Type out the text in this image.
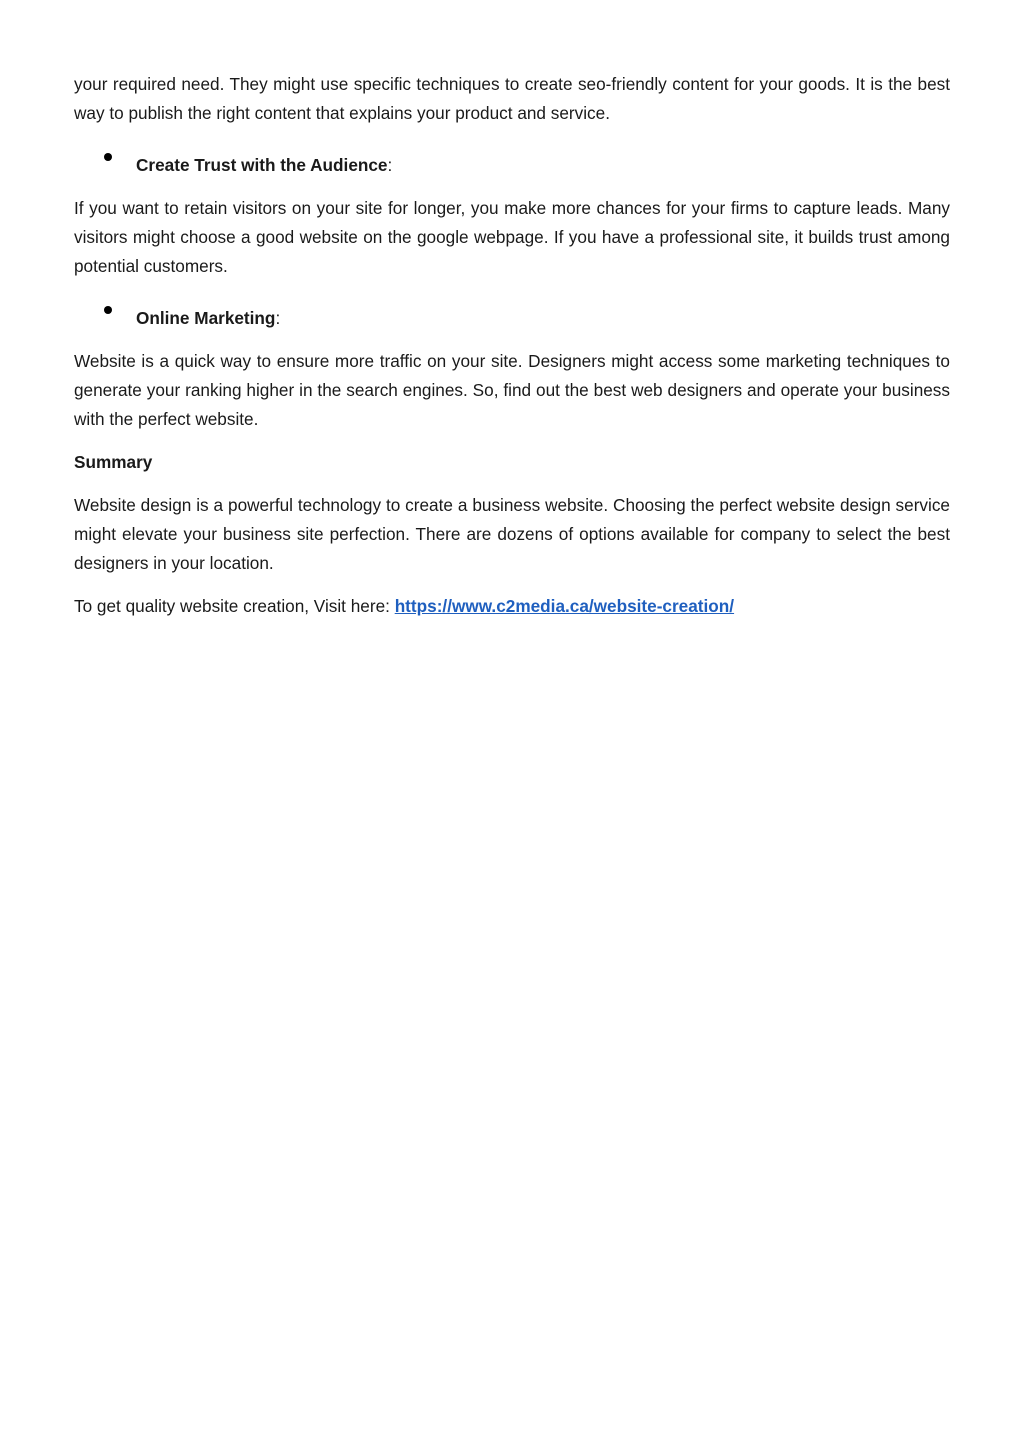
your required need. They might use specific techniques to create seo-friendly content for your goods. It is the best way to publish the right content that explains your product and service.

Create Trust with the Audience:

If you want to retain visitors on your site for longer, you make more chances for your firms to capture leads. Many visitors might choose a good website on the google webpage. If you have a professional site, it builds trust among potential customers.

Online Marketing:

Website is a quick way to ensure more traffic on your site. Designers might access some marketing techniques to generate your ranking higher in the search engines. So, find out the best web designers and operate your business with the perfect website.

Summary

Website design is a powerful technology to create a business website. Choosing the perfect website design service might elevate your business site perfection. There are dozens of options available for company to select the best designers in your location.

To get quality website creation, Visit here: https://www.c2media.ca/website-creation/
